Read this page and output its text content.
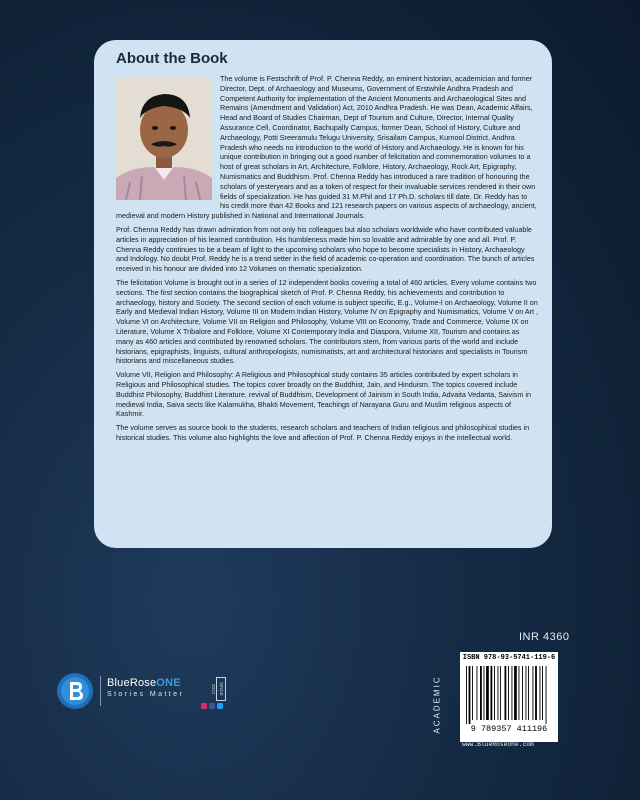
About the Book

The volume is Festschrift of Prof. P. Chenna Reddy, an eminent historian, academician and former Director, Dept. of Archaeology and Museums, Government of Erstwhile Andhra Pradesh and Competent Authority for implementation of the Ancient Monuments and Archaeological Sites and Remains (Amendment and Validation) Act, 2010 Andhra Pradesh. He was Dean, Academic Affairs, Head and Board of Studies Chairman, Dept of Tourism and Culture, Director, Internal Quality Assurance Cell, Coordinator, Bachupally Campus, former Dean, School of History, Culture and Archaeology, Potti Sreeramulu Telugu University, Srisailam Campus, Kurnool District, Andhra Pradesh who needs no introduction to the world of History and Archaeology. He is known for his unique contribution in bringing out a good number of felicitation and commemoration volumes to a host of great scholars in Art, Architecture, Folklore, History, Archaeology, Rock Art, Epigraphy, Numismatics and Buddhism. Prof. Chenna Reddy has introduced a rare tradition of honouring the scholars of yesteryears and as a token of respect for their invaluable services rendered in their own fields of specialization. He has guided 31 M.Phil and 17 Ph.D. scholars till date. Dr. Reddy has to his credit more than 42 Books and 121 research papers on various aspects of archaeology, ancient, medieval and modern History published in National and International Journals.

Prof. Chenna Reddy has drawn admiration from not only his colleagues but also scholars worldwide who have contributed valuable articles in appreciation of his learned contribution. His humbleness made him so lovable and admirable by one and all. Prof. P. Chenna Reddy continues to be a beam of light to the upcoming scholars who hope to become specialists in History, Archaeology and Indology. No doubt Prof. Reddy he is a trend setter in the field of academic co-operation and coordination. The bunch of articles received in his honour are divided into 12 Volumes on thematic specialization.

The felicitation Volume is brought out in a series of 12 independent books covering a total of 460 articles. Every volume contains two sections. The first section contains the biographical sketch of Prof. P. Chenna Reddy, his achievements and contribution to archaeology, history and Society. The second section of each volume is subject specific, E.g., Volume-I on Archaeology, Volume II on Early and Medieval Indian History, Volume III on Modern Indian History, Volume IV on Epigraphy and Numismatics, Volume V on Art , Volume VI on Architecture, Volume VII on Religion and Philosophy, Volume VIII on Economy, Trade and Commerce, Volume IX on Literature, Volume X Tribalore and Folklore, Volume XI Contemporary India and Diaspora, Volume XII, Tourism and contains as many as 460 articles and contributed by renowned scholars. The contributors stem, from various parts of the world and include historians, epigraphists, linguists, cultural anthropologists, numismatists, art and architectural historians and specialists in Tourism historians and miscellaneous studies.

Volume VII, Religion and Philosophy: A Religious and Philosophical study contains 35 articles contributed by expert scholars in Religious and Philosophical studies. The topics cover broadly on the Buddhist, Jain, and Hinduism. The topics covered include Buddhist Philosophy, Buddhist Literature, revival of Buddhism, Development of Jainism in South India, Advaita Vedanta, Saivism in medieval India, Saiva sects like Kalamukha, Bhakti Movement, Teachings of Narayana Guru and Muslim religious aspects of Kashmir.

The volume serves as source book to the students, research scholars and teachers of Indian religious and philosophical studies in historical studies. This volume also highlights the love and affection of Prof. P. Chenna Reddy enjoys in the intellectual world.

BlueRoseONE
Stories Matter	SINCE 2012
INR 4360
ACADEMIC
ISBN 978-93-5741-119-6
9 789357 411196
www.BlueRoseOne.com
